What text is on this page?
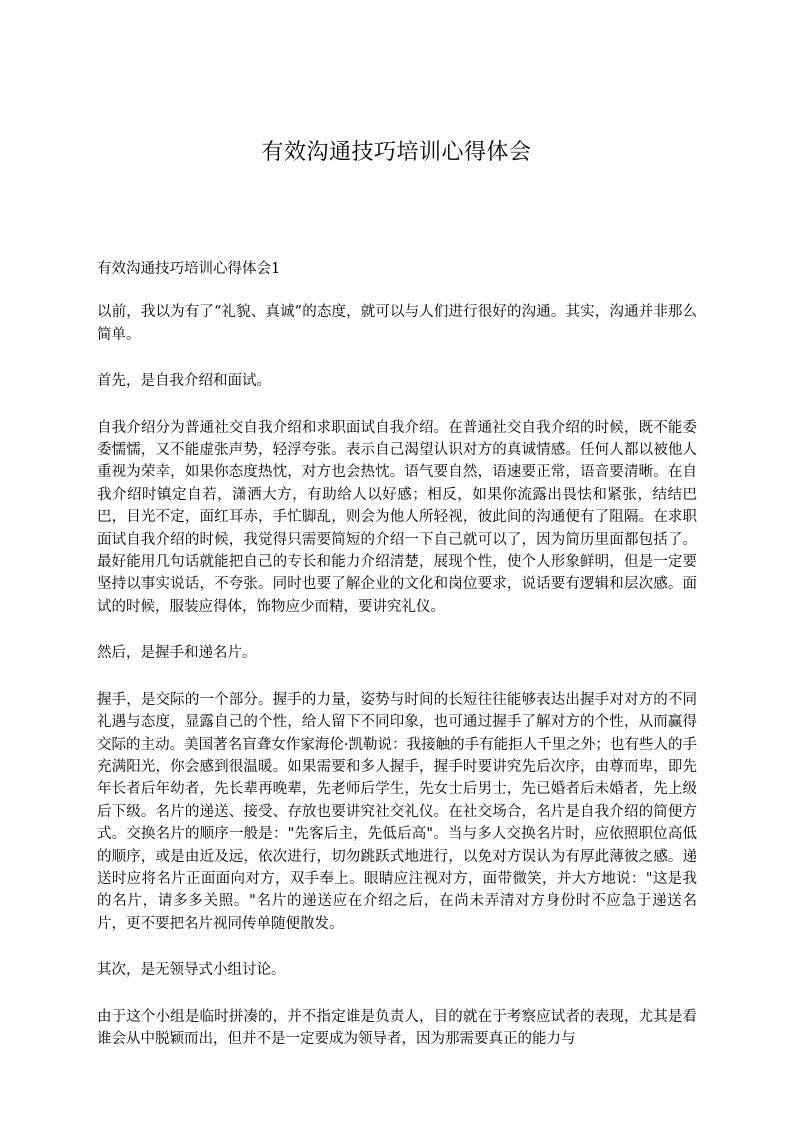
有效沟通技巧培训心得体会

有效沟通技巧培训心得体会1

以前，我以为有了“礼貌、真诚”的态度，就可以与人们进行很好的沟通。其实，沟通并非那么简单。

首先，是自我介绍和面试。

自我介绍分为普通社交自我介绍和求职面试自我介绍。在普通社交自我介绍的时候，既不能委委懦懦，又不能虚张声势，轻浮夸张。表示自己渴望认识对方的真诚情感。任何人都以被他人重视为荣幸，如果你态度热忱，对方也会热忱。语气要自然，语速要正常，语音要清晰。在自我介绍时镇定自若，潇洒大方，有助给人以好感；相反，如果你流露出畏怯和紧张，结结巴巴，目光不定，面红耳赤，手忙脚乱，则会为他人所轻视，彼此间的沟通便有了阻隔。在求职面试自我介绍的时候，我觉得只需要简短的介绍一下自己就可以了，因为简历里面都包括了。最好能用几句话就能把自己的专长和能力介绍清楚，展现个性，使个人形象鲜明，但是一定要坚持以事实说话，不夸张。同时也要了解企业的文化和岗位要求，说话要有逻辑和层次感。面试的时候，服装应得体，饰物应少而精，要讲究礼仪。

然后，是握手和递名片。

握手，是交际的一个部分。握手的力量，姿势与时间的长短往往能够表达出握手对对方的不同礼遇与态度，显露自己的个性，给人留下不同印象，也可通过握手了解对方的个性，从而赢得交际的主动。美国著名盲聋女作家海伦·凯勒说：我接触的手有能拒人千里之外；也有些人的手充满阳光，你会感到很温暖。如果需要和多人握手，握手时要讲究先后次序，由尊而卑，即先年长者后年幼者，先长辈再晚辈，先老师后学生，先女士后男士，先已婚者后未婚者，先上级后下级。名片的递送、接受、存放也要讲究社交礼仪。在社交场合，名片是自我介绍的简便方式。交换名片的顺序一般是："先客后主，先低后高"。当与多人交换名片时，应依照职位高低的顺序，或是由近及远，依次进行，切勿跳跃式地进行，以免对方误认为有厚此薄彼之感。递送时应将名片正面面向对方，双手奉上。眼睛应注视对方，面带微笑，并大方地说："这是我的名片，请多多关照。"名片的递送应在介绍之后，在尚未弄清对方身份时不应急于递送名片，更不要把名片视同传单随便散发。

其次，是无领导式小组讨论。

由于这个小组是临时拼凑的，并不指定谁是负责人，目的就在于考察应试者的表现，尤其是看谁会从中脱颖而出，但并不是一定要成为领导者，因为那需要真正的能力与
